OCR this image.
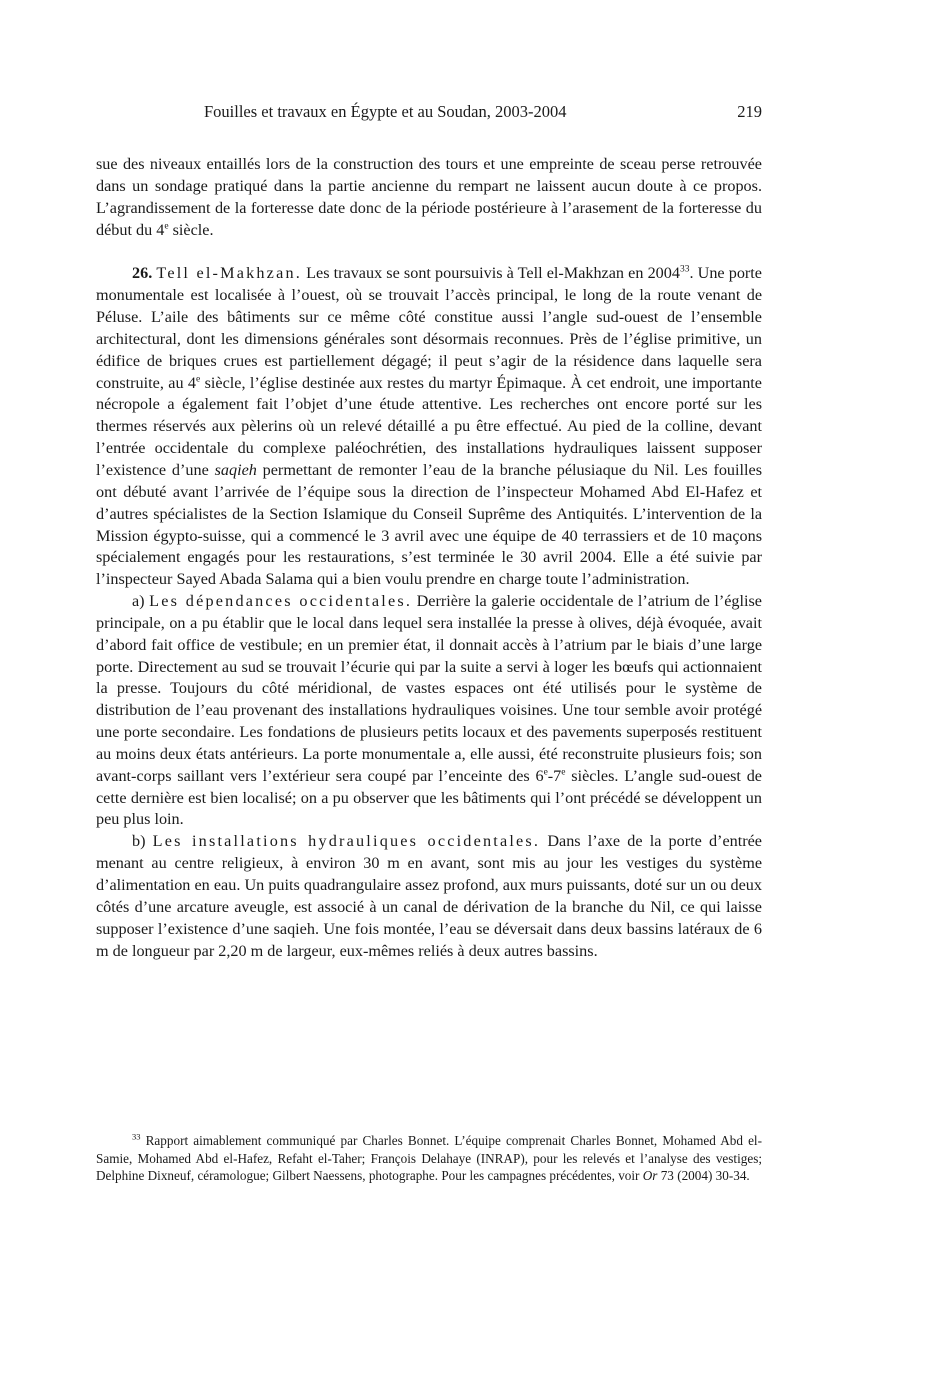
Fouilles et travaux en Égypte et au Soudan, 2003-2004	219

sue des niveaux entaillés lors de la construction des tours et une empreinte de sceau perse retrouvée dans un sondage pratiqué dans la partie ancienne du rempart ne laissent aucun doute à ce propos. L’agrandissement de la forteresse date donc de la période postérieure à l’arasement de la forteresse du début du 4e siècle.

26. Tell el-Makhzan. Les travaux se sont poursuivis à Tell el-Makhzan en 2004$^{33}$. Une porte monumentale est localisée à l’ouest, où se trouvait l’accès principal, le long de la route venant de Péluse. L’aile des bâtiments sur ce même côté constitue aussi l’angle sud-ouest de l’ensemble architectural, dont les dimensions générales sont désormais reconnues. Près de l’église primitive, un édifice de briques crues est partiellement dégagé; il peut s’agir de la résidence dans laquelle sera construite, au 4e siècle, l’église destinée aux restes du martyr Épimaque. À cet endroit, une importante nécropole a également fait l’objet d’une étude attentive. Les recherches ont encore porté sur les thermes réservés aux pèlerins où un relevé détaillé a pu être effectué. Au pied de la colline, devant l’entrée occidentale du complexe paléochrétien, des installations hydrauliques laissent supposer l’existence d’une saqieh permettant de remonter l’eau de la branche pélusiaque du Nil. Les fouilles ont débuté avant l’arrivée de l’équipe sous la direction de l’inspecteur Mohamed Abd El-Hafez et d’autres spécialistes de la Section Islamique du Conseil Suprême des Antiquités. L’intervention de la Mission égypto-suisse, qui a commencé le 3 avril avec une équipe de 40 terrassiers et de 10 maçons spécialement engagés pour les restaurations, s’est terminée le 30 avril 2004. Elle a été suivie par l’inspecteur Sayed Abada Salama qui a bien voulu prendre en charge toute l’administration.

a) Les dépendances occidentales. Derrière la galerie occidentale de l’atrium de l’église principale, on a pu établir que le local dans lequel sera installée la presse à olives, déjà évoquée, avait d’abord fait office de vestibule; en un premier état, il donnait accès à l’atrium par le biais d’une large porte. Directement au sud se trouvait l’écurie qui par la suite a servi à loger les bœufs qui actionnaient la presse. Toujours du côté méridional, de vastes espaces ont été utilisés pour le système de distribution de l’eau provenant des installations hydrauliques voisines. Une tour semble avoir protégé une porte secondaire. Les fondations de plusieurs petits locaux et des pavements superposés restituent au moins deux états antérieurs. La porte monumentale a, elle aussi, été reconstruite plusieurs fois; son avant-corps saillant vers l’extérieur sera coupé par l’enceinte des 6e-7e siècles. L’angle sud-ouest de cette dernière est bien localisé; on a pu observer que les bâtiments qui l’ont précédé se développent un peu plus loin.

b) Les installations hydrauliques occidentales. Dans l’axe de la porte d’entrée menant au centre religieux, à environ 30 m en avant, sont mis au jour les vestiges du système d’alimentation en eau. Un puits quadrangulaire assez profond, aux murs puissants, doté sur un ou deux côtés d’une arcature aveugle, est associé à un canal de dérivation de la branche du Nil, ce qui laisse supposer l’existence d’une saqieh. Une fois montée, l’eau se déversait dans deux bassins latéraux de 6 m de longueur par 2,20 m de largeur, eux-mêmes reliés à deux autres bassins.

$^{33}$ Rapport aimablement communiqué par Charles Bonnet. L’équipe comprenait Charles Bonnet, Mohamed Abd el-Samie, Mohamed Abd el-Hafez, Refaht el-Taher; François Delahaye (INRAP), pour les relevés et l’analyse des vestiges; Delphine Dixneuf, céramologue; Gilbert Naessens, photographe. Pour les campagnes précédentes, voir Or 73 (2004) 30-34.
